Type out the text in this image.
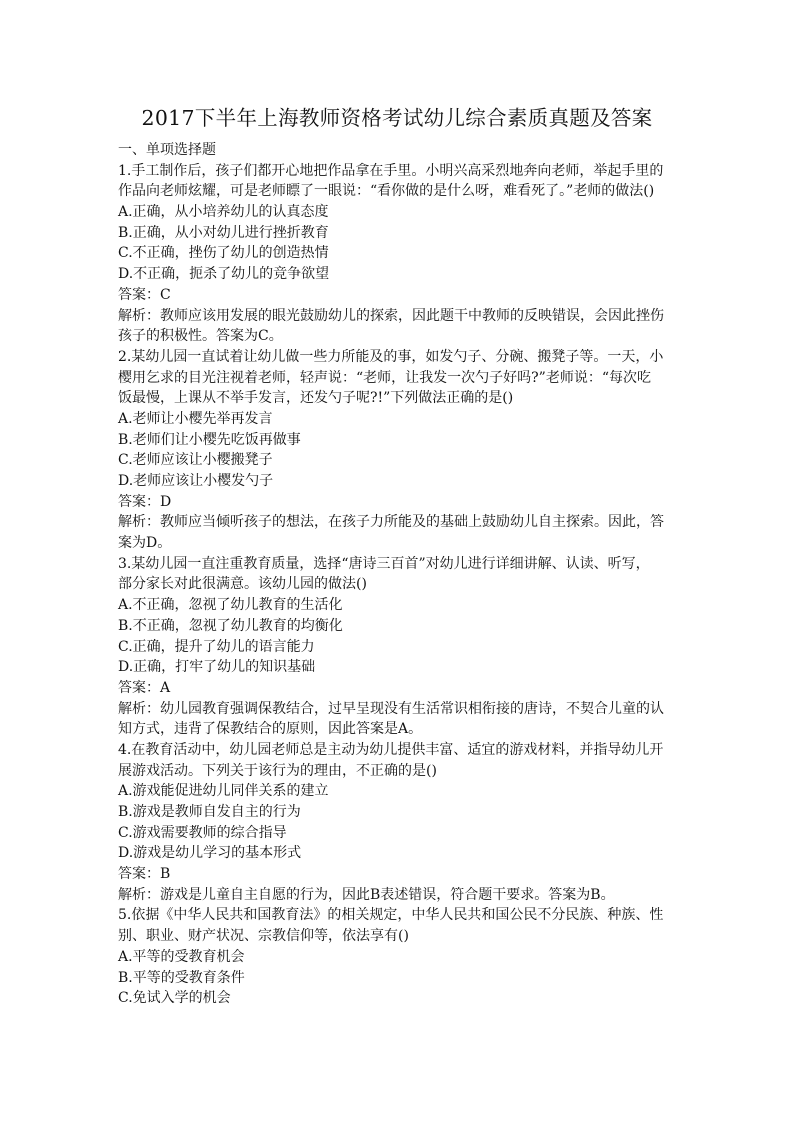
2017下半年上海教师资格考试幼儿综合素质真题及答案
一、单项选择题
1.手工制作后，孩子们都开心地把作品拿在手里。小明兴高采烈地奔向老师，举起手里的
作品向老师炫耀，可是老师瞟了一眼说：“看你做的是什么呀，难看死了。”老师的做法()
A.正确，从小培养幼儿的认真态度
B.正确，从小对幼儿进行挫折教育
C.不正确，挫伤了幼儿的创造热情
D.不正确，扼杀了幼儿的竞争欲望
答案：C
解析：教师应该用发展的眼光鼓励幼儿的探索，因此题干中教师的反映错误，会因此挫伤
孩子的积极性。答案为C。
2.某幼儿园一直试着让幼儿做一些力所能及的事，如发勺子、分碗、搬凳子等。一天，小
樱用乞求的目光注视着老师，轻声说：“老师，让我发一次勺子好吗?”老师说：“每次吃
饭最慢，上课从不举手发言，还发勺子呢?!”下列做法正确的是()
A.老师让小樱先举再发言
B.老师们让小樱先吃饭再做事
C.老师应该让小樱搬凳子
D.老师应该让小樱发勺子
答案：D
解析：教师应当倾听孩子的想法，在孩子力所能及的基础上鼓励幼儿自主探索。因此，答
案为D。
3.某幼儿园一直注重教育质量，选择“唐诗三百首”对幼儿进行详细讲解、认读、听写，
部分家长对此很满意。该幼儿园的做法()
A.不正确，忽视了幼儿教育的生活化
B.不正确，忽视了幼儿教育的均衡化
C.正确，提升了幼儿的语言能力
D.正确，打牢了幼儿的知识基础
答案：A
解析：幼儿园教育强调保教结合，过早呈现没有生活常识相衔接的唐诗，不契合儿童的认
知方式，违背了保教结合的原则，因此答案是A。
4.在教育活动中，幼儿园老师总是主动为幼儿提供丰富、适宜的游戏材料，并指导幼儿开
展游戏活动。下列关于该行为的理由，不正确的是()
A.游戏能促进幼儿同伴关系的建立
B.游戏是教师自发自主的行为
C.游戏需要教师的综合指导
D.游戏是幼儿学习的基本形式
答案：B
解析：游戏是儿童自主自愿的行为，因此B表述错误，符合题干要求。答案为B。
5.依据《中华人民共和国教育法》的相关规定，中华人民共和国公民不分民族、种族、性
别、职业、财产状况、宗教信仰等，依法享有()
A.平等的受教育机会
B.平等的受教育条件
C.免试入学的机会
